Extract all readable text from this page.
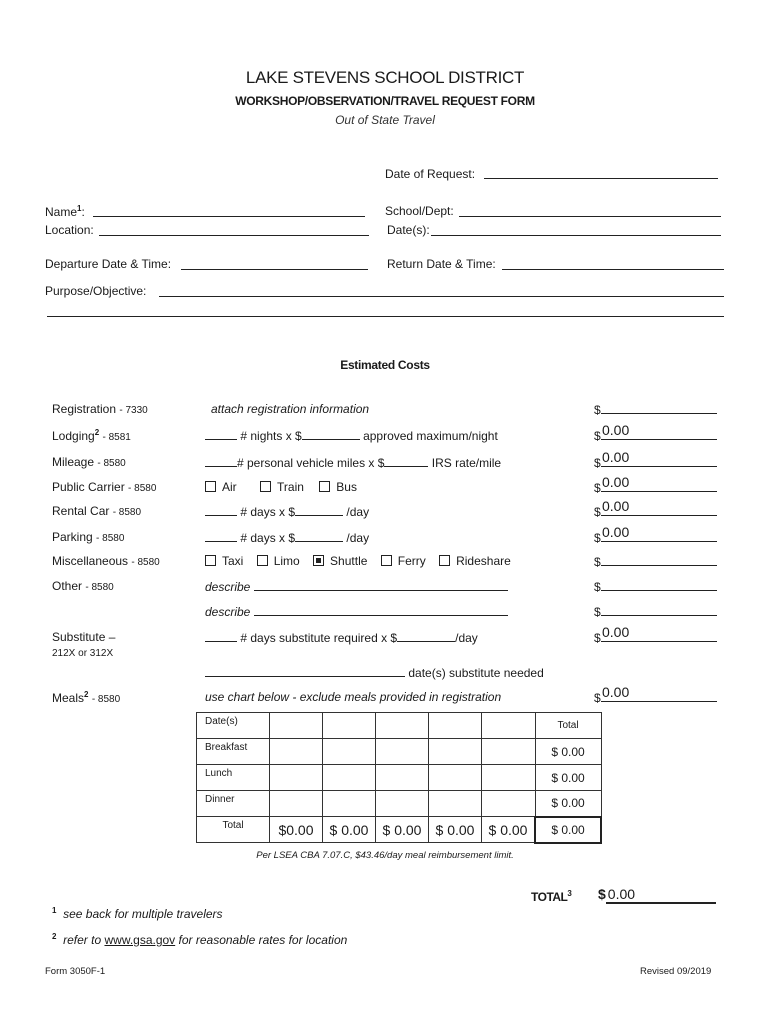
LAKE STEVENS SCHOOL DISTRICT
WORKSHOP/OBSERVATION/TRAVEL REQUEST FORM
Out of State Travel
Date of Request:
Name$^1$:	School/Dept:
Location:	Date(s):
Departure Date & Time:	Return Date & Time:
Purpose/Objective:
Estimated Costs
Registration - 7330	attach registration information	$
Lodging$^2$ - 8581	# nights x $	approved maximum/night	$ 0.00
Mileage - 8580	# personal vehicle miles x $	IRS rate/mile	$ 0.00
Public Carrier - 8580	Air	Train	Bus	$ 0.00
Rental Car - 8580	# days x $	/day	$ 0.00
Parking - 8580	# days x $	/day	$ 0.00
Miscellaneous - 8580	Taxi	Limo	Shuttle	Ferry	Rideshare	$
Other - 8580	describe	$
describe	$
Substitute –
212X or 312X
# days substitute required x $	/day	$ 0.00
date(s) substitute needed
Meals$^2$ - 8580	use chart below - exclude meals provided in registration	$ 0.00
Date(s)						Total
Breakfast						$ 0.00
Lunch						$ 0.00
Dinner						$ 0.00
Total	$0.00	$ 0.00	$ 0.00	$ 0.00	$ 0.00	$ 0.00
Per LSEA CBA 7.07.C, $43.46/day meal reimbursement limit.
TOTAL$^3$ $ 0.00
$^1$ see back for multiple travelers
$^2$ refer to www.gsa.gov for reasonable rates for location
Form 3050F-1	Revised 09/2019
